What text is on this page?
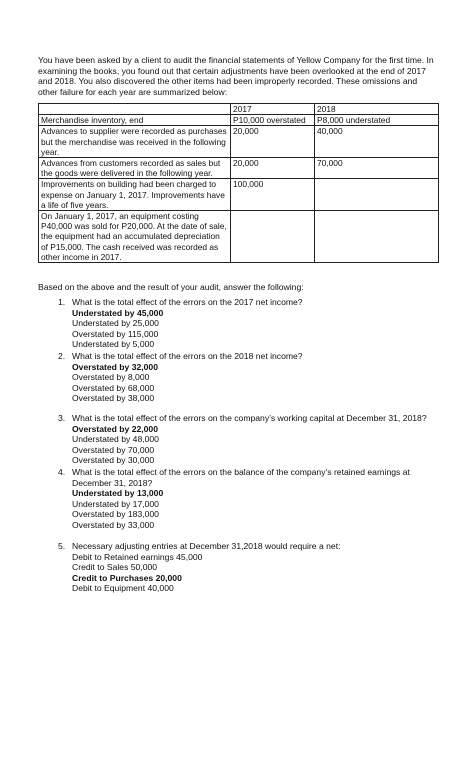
You have been asked by a client to audit the financial statements of Yellow Company for the first time. In examining the books, you found out that certain adjustments have been overlooked at the end of 2017 and 2018. You also discovered the other items had been improperly recorded. These omissions and other failure for each year are summarized below:

	2017	2018
Merchandise inventory, end	P10,000 overstated	P8,000 understated
Advances to supplier were recorded as purchases but the merchandise was received in the following year.	20,000	40,000
Advances from customers recorded as sales but the goods were delivered in the following year.	20,000	70,000
Improvements on building had been charged to expense on January 1, 2017. Improvements have a life of five years.	100,000	
On January 1, 2017, an equipment costing P40,000 was sold for P20,000. At the date of sale, the equipment had an accumulated depreciation of P15,000. The cash received was recorded as other income in 2017.		

Based on the above and the result of your audit, answer the following:

1. What is the total effect of the errors on the 2017 net income?
Understated by 45,000
Understated by 25,000
Overstated by 115,000
Understated by 5,000
2. What is the total effect of the errors on the 2018 net income?
Overstated by 32,000
Overstated by 8,000
Overstated by 68,000
Overstated by 38,000
3. What is the total effect of the errors on the company’s working capital at December 31, 2018?
Overstated by 22,000
Understated by 48,000
Overstated by 70,000
Overstated by 30,000
4. What is the total effect of the errors on the balance of the company’s retained earnings at December 31, 2018?
Understated by 13,000
Understated by 17,000
Overstated by 183,000
Overstated by 33,000
5. Necessary adjusting entries at December 31,2018 would require a net:
Debit to Retained earnings 45,000
Credit to Sales 50,000
Credit to Purchases 20,000
Debit to Equipment 40,000
